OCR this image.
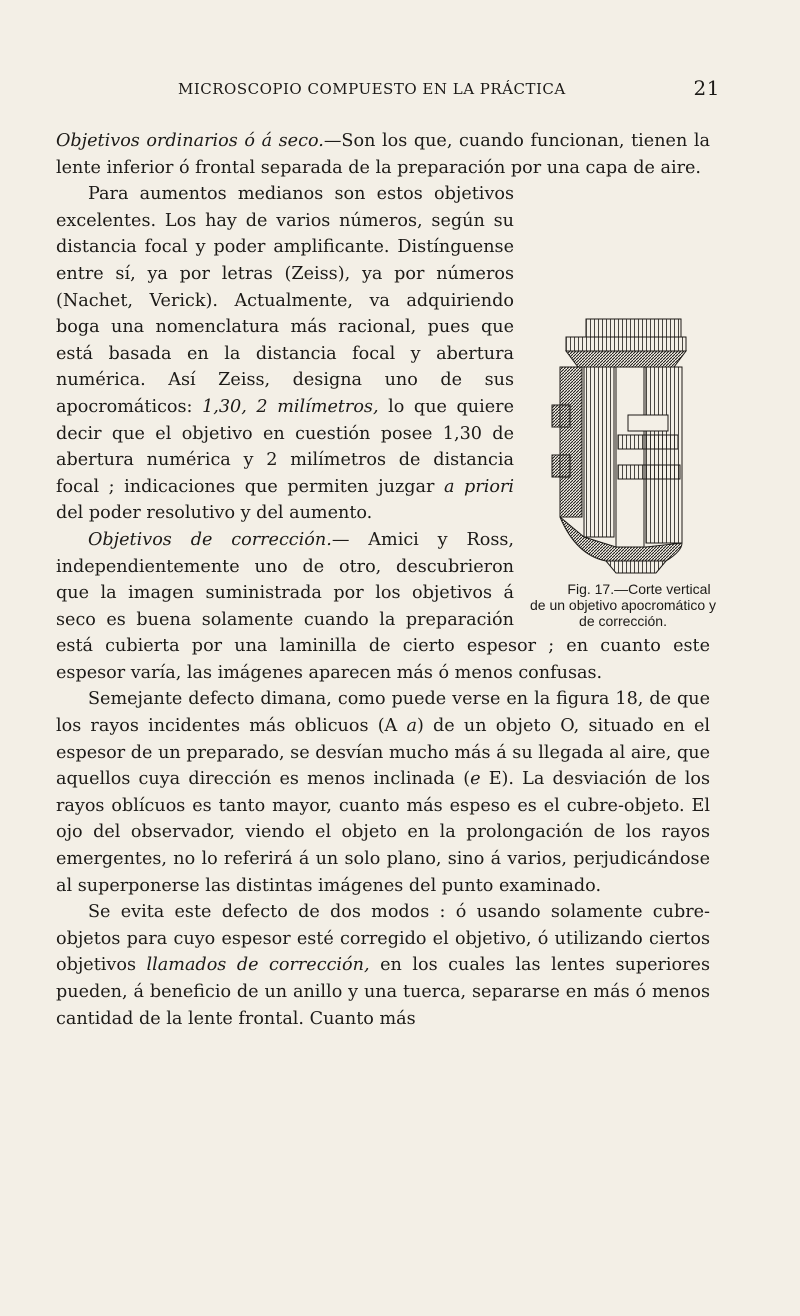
MICROSCOPIO COMPUESTO EN LA PRÁCTICA	21

Objetivos ordinarios ó á seco.—Son los que, cuando funcionan, tienen la lente inferior ó frontal separada de la preparación por una capa de aire.

Fig. 17.—Corte vertical de un objetivo apocromático y de corrección.
Para aumentos medianos son estos objetivos excelentes. Los hay de varios números, según su distancia focal y poder amplificante. Distínguense entre sí, ya por letras (Zeiss), ya por números (Nachet, Verick). Actualmente, va adquiriendo boga una nomenclatura más racional, pues que está basada en la distancia focal y abertura numérica. Así Zeiss, designa uno de sus apocromáticos: 1,30, 2 milímetros, lo que quiere decir que el objetivo en cuestión posee 1,30 de abertura numérica y 2 milímetros de distancia focal ; indicaciones que permiten juzgar a priori del poder resolutivo y del aumento.

Objetivos de corrección.— Amici y Ross, independientemente uno de otro, descubrieron que la imagen suministrada por los objetivos á seco es buena solamente cuando la preparación está cubierta por una laminilla de cierto espesor ; en cuanto este espesor varía, las imágenes aparecen más ó menos confusas.

Semejante defecto dimana, como puede verse en la figura 18, de que los rayos incidentes más oblicuos (A a) de un objeto O, situado en el espesor de un preparado, se desvían mucho más á su llegada al aire, que aquellos cuya dirección es menos inclinada (e E). La desviación de los rayos oblícuos es tanto mayor, cuanto más espeso es el cubre-objeto. El ojo del observador, viendo el objeto en la prolongación de los rayos emergentes, no lo referirá á un solo plano, sino á varios, perjudicándose al superponerse las distintas imágenes del punto examinado.

Se evita este defecto de dos modos : ó usando solamente cubre-objetos para cuyo espesor esté corregido el objetivo, ó utilizando ciertos objetivos llamados de corrección, en los cuales las lentes superiores pueden, á beneficio de un anillo y una tuerca, separarse en más ó menos cantidad de la lente frontal. Cuanto más
